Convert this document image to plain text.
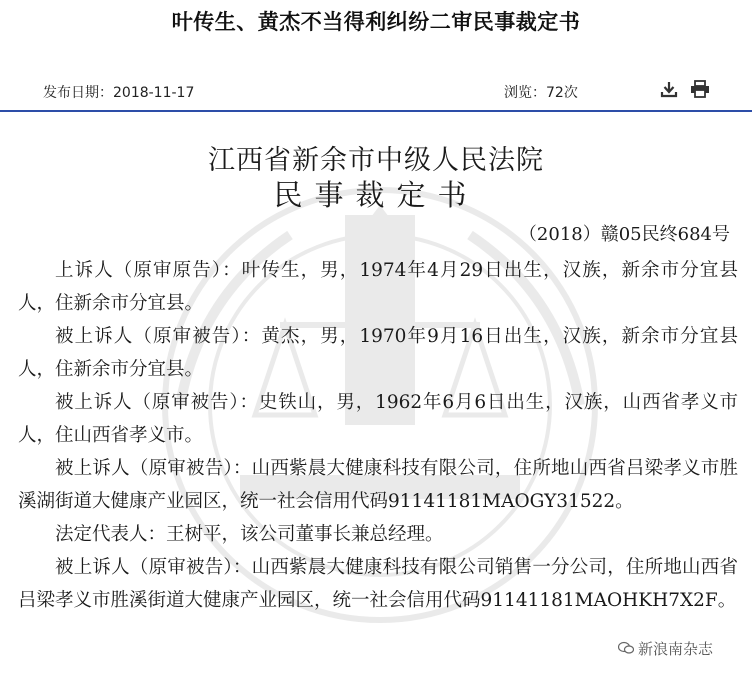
叶传生、黄杰不当得利纠纷二审民事裁定书
发布日期：2018-11-17	浏览：72次

江西省新余市中级人民法院
民事裁定书
（2018）赣05民终684号

上诉人（原审原告）：叶传生，男，1974年4月29日出生，汉族，新余市分宜县人，住新余市分宜县。

被上诉人（原审被告）：黄杰，男，1970年9月16日出生，汉族，新余市分宜县人，住新余市分宜县。

被上诉人（原审被告）：史铁山，男，1962年6月6日出生，汉族，山西省孝义市人，住山西省孝义市。

被上诉人（原审被告）：山西紫晨大健康科技有限公司，住所地山西省吕梁孝义市胜溪湖街道大健康产业园区，统一社会信用代码91141181MAOGY31522。

法定代表人：王树平，该公司董事长兼总经理。

被上诉人（原审被告）：山西紫晨大健康科技有限公司销售一分公司，住所地山西省吕梁孝义市胜溪街道大健康产业园区，统一社会信用代码91141181MAOHKH7X2F。

新浪南杂志
